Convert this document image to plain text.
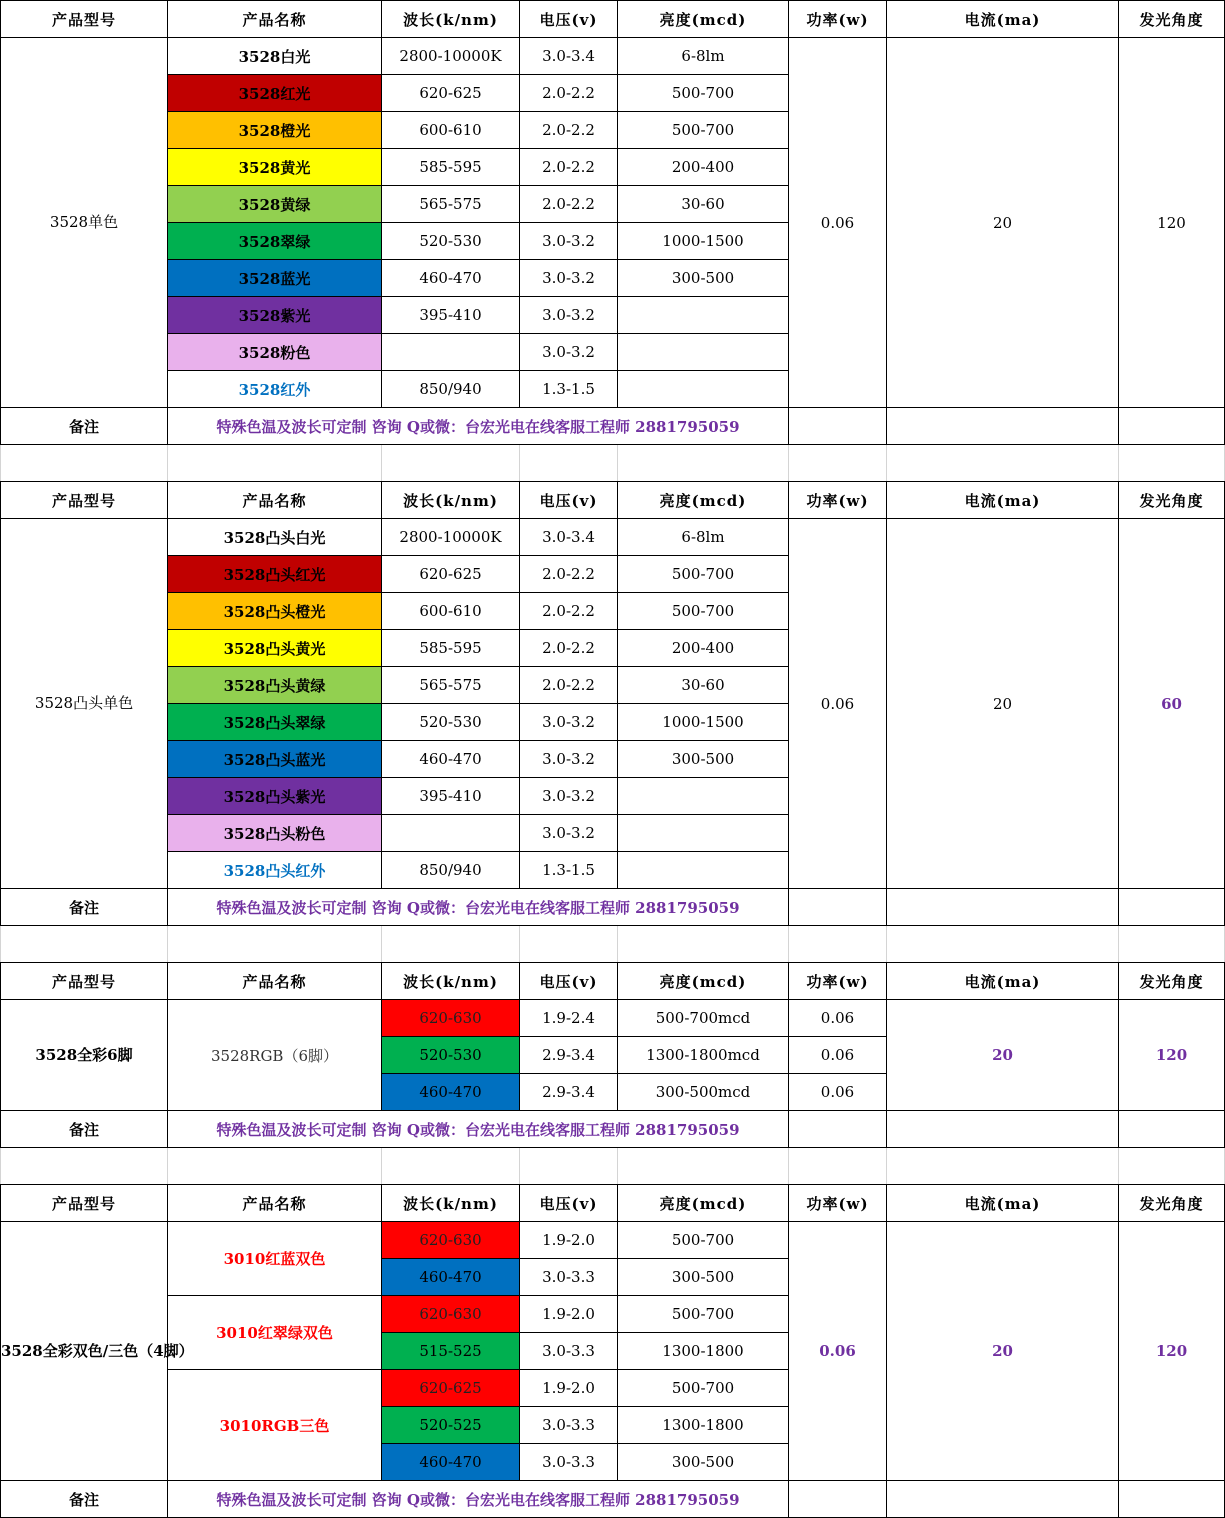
产品型号	产品名称	波长(k/nm)	电压(v)	亮度(mcd)	功率(w)	电流(ma)	发光角度
3528单色	3528白光	2800-10000K	3.0-3.4	6-8lm	0.06	20	120
	3528红光	620-625	2.0-2.2	500-700			
	3528橙光	600-610	2.0-2.2	500-700			
	3528黄光	585-595	2.0-2.2	200-400			
	3528黄绿	565-575	2.0-2.2	30-60			
	3528翠绿	520-530	3.0-3.2	1000-1500			
	3528蓝光	460-470	3.0-3.2	300-500			
	3528紫光	395-410	3.0-3.2				
	3528粉色		3.0-3.2				
	3528红外	850/940	1.3-1.5				
备注	特殊色温及波长可定制 咨询 Q或微：台宏光电在线客服工程师 2881795059						

产品型号	产品名称	波长(k/nm)	电压(v)	亮度(mcd)	功率(w)	电流(ma)	发光角度
3528凸头单色	3528凸头白光	2800-10000K	3.0-3.4	6-8lm	0.06	20	60
	3528凸头红光	620-625	2.0-2.2	500-700			
	3528凸头橙光	600-610	2.0-2.2	500-700			
	3528凸头黄光	585-595	2.0-2.2	200-400			
	3528凸头黄绿	565-575	2.0-2.2	30-60			
	3528凸头翠绿	520-530	3.0-3.2	1000-1500			
	3528凸头蓝光	460-470	3.0-3.2	300-500			
	3528凸头紫光	395-410	3.0-3.2				
	3528凸头粉色		3.0-3.2				
	3528凸头红外	850/940	1.3-1.5				
备注	特殊色温及波长可定制 咨询 Q或微：台宏光电在线客服工程师 2881795059						

产品型号	产品名称	波长(k/nm)	电压(v)	亮度(mcd)	功率(w)	电流(ma)	发光角度
3528全彩6脚	3528RGB（6脚）	620-630	1.9-2.4	500-700mcd	0.06	20	120
		520-530	2.9-3.4	1300-1800mcd	0.06		
		460-470	2.9-3.4	300-500mcd	0.06		
备注	特殊色温及波长可定制 咨询 Q或微：台宏光电在线客服工程师 2881795059						

产品型号	产品名称	波长(k/nm)	电压(v)	亮度(mcd)	功率(w)	电流(ma)	发光角度
3528全彩双色/三色（4脚）	3010红蓝双色	620-630	1.9-2.0	500-700	0.06	20	120
		460-470	3.0-3.3	300-500			
	3010红翠绿双色	620-630	1.9-2.0	500-700			
		515-525	3.0-3.3	1300-1800			
	3010RGB三色	620-625	1.9-2.0	500-700			
		520-525	3.0-3.3	1300-1800			
		460-470	3.0-3.3	300-500			
备注	特殊色温及波长可定制 咨询 Q或微：台宏光电在线客服工程师 2881795059						
